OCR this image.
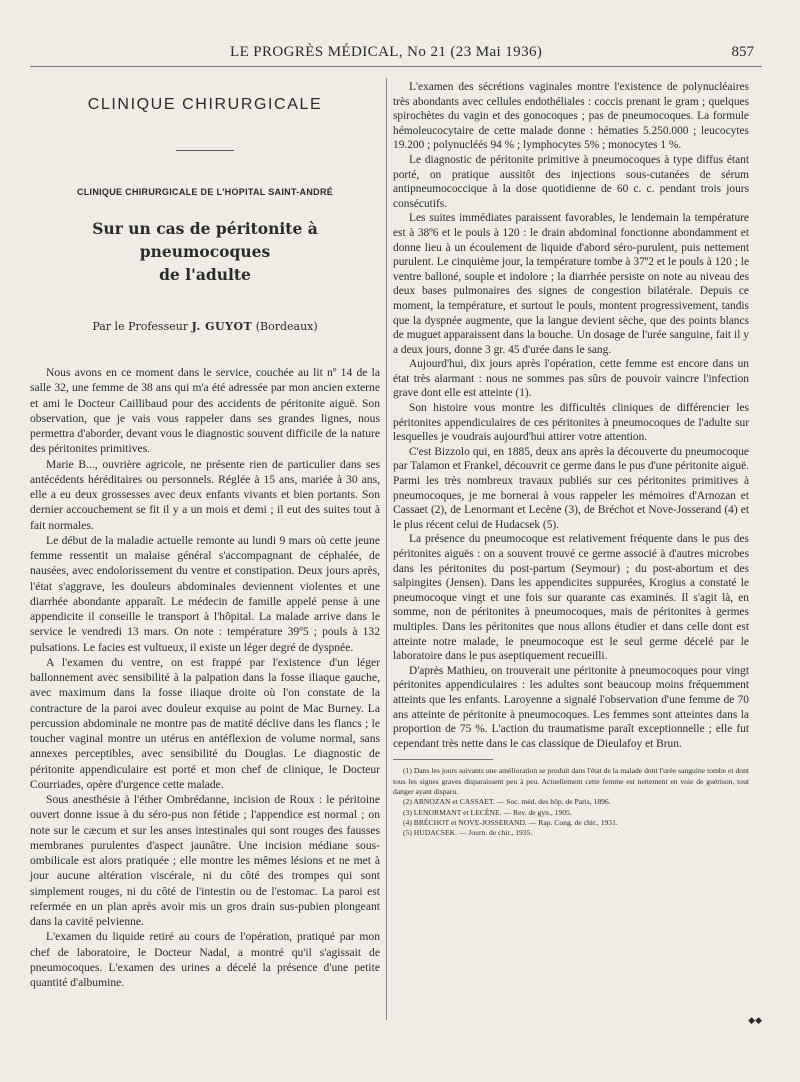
LE PROGRÈS MÉDICAL, No 21 (23 Mai 1936)	857
CLINIQUE CHIRURGICALE
CLINIQUE CHIRURGICALE DE L'HOPITAL SAINT-ANDRÉ
Sur un cas de péritonite à pneumocoques
de l'adulte
Par le Professeur J. GUYOT (Bordeaux)

Nous avons en ce moment dans le service, couchée au lit nº 14 de la salle 32, une femme de 38 ans qui m'a été adressée par mon ancien externe et ami le Docteur Caillibaud pour des accidents de péritonite aiguë. Son observation, que je vais vous rappeler dans ses grandes lignes, nous permettra d'aborder, devant vous le diagnostic souvent difficile de la nature des péritonites primitives.

Marie B..., ouvrière agricole, ne présente rien de particulier dans ses antécédents héréditaires ou personnels. Réglée à 15 ans, mariée à 30 ans, elle a eu deux grossesses avec deux enfants vivants et bien portants. Son dernier accouchement se fit il y a un mois et demi ; il eut des suites tout à fait normales.

Le début de la maladie actuelle remonte au lundi 9 mars où cette jeune femme ressentit un malaise général s'accompagnant de céphalée, de nausées, avec endolorissement du ventre et constipation. Deux jours après, l'état s'aggrave, les douleurs abdominales deviennent violentes et une diarrhée abondante apparaît. Le médecin de famille appelé pense à une appendicite il conseille le transport à l'hôpital. La malade arrive dans le service le vendredi 13 mars. On note : température 39º5 ; pouls à 132 pulsations. Le facies est vultueux, il existe un léger degré de dyspnée.

A l'examen du ventre, on est frappé par l'existence d'un léger ballonnement avec sensibilité à la palpation dans la fosse iliaque gauche, avec maximum dans la fosse iliaque droite où l'on constate de la contracture de la paroi avec douleur exquise au point de Mac Burney. La percussion abdominale ne montre pas de matité déclive dans les flancs ; le toucher vaginal montre un utérus en antéflexion de volume normal, sans annexes perceptibles, avec sensibilité du Douglas. Le diagnostic de péritonite appendiculaire est porté et mon chef de clinique, le Docteur Courriades, opère d'urgence cette malade.

Sous anesthésie à l'éther Ombrédanne, incision de Roux : le péritoine ouvert donne issue à du séro-pus non fétide ; l'appendice est normal ; on note sur le cæcum et sur les anses intestinales qui sont rouges des fausses membranes purulentes d'aspect jaunâtre. Une incision médiane sous-ombilicale est alors pratiquée ; elle montre les mêmes lésions et ne met à jour aucune altération viscérale, ni du côté des trompes qui sont simplement rouges, ni du côté de l'intestin ou de l'estomac. La paroi est refermée en un plan après avoir mis un gros drain sus-pubien plongeant dans la cavité pelvienne.

L'examen du liquide retiré au cours de l'opération, pratiqué par mon chef de laboratoire, le Docteur Nadal, a montré qu'il s'agissait de pneumocoques. L'examen des urines a décelé la présence d'une petite quantité d'albumine.

L'examen des sécrétions vaginales montre l'existence de polynucléaires très abondants avec cellules endothéliales : coccis prenant le gram ; quelques spirochètes du vagin et des gonocoques ; pas de pneumocoques. La formule hémoleucocytaire de cette malade donne : hématies 5.250.000 ; leucocytes 19.200 ; polynucléés 94 % ; lymphocytes 5% ; monocytes 1 %.

Le diagnostic de péritonite primitive à pneumocoques à type diffus étant porté, on pratique aussitôt des injections sous-cutanées de sérum antipneumococcique à la dose quotidienne de 60 c. c. pendant trois jours consécutifs.

Les suites immédiates paraissent favorables, le lendemain la température est à 38º6 et le pouls à 120 : le drain abdominal fonctionne abondamment et donne lieu à un écoulement de liquide d'abord séro-purulent, puis nettement purulent. Le cinquième jour, la température tombe à 37º2 et le pouls à 120 ; le ventre balloné, souple et indolore ; la diarrhée persiste on note au niveau des deux bases pulmonaires des signes de congestion bilatérale. Depuis ce moment, la température, et surtout le pouls, montent progressivement, tandis que la dyspnée augmente, que la langue devient sèche, que des points blancs de muguet apparaissent dans la bouche. Un dosage de l'urée sanguine, fait il y a deux jours, donne 3 gr. 45 d'urée dans le sang.

Aujourd'hui, dix jours après l'opération, cette femme est encore dans un état très alarmant : nous ne sommes pas sûrs de pouvoir vaincre l'infection grave dont elle est atteinte (1).

Son histoire vous montre les difficultés cliniques de différencier les péritonites appendiculaires de ces péritonites à pneumocoques de l'adulte sur lesquelles je voudrais aujourd'hui attirer votre attention.

C'est Bizzolo qui, en 1885, deux ans après la découverte du pneumocoque par Talamon et Frankel, découvrit ce germe dans le pus d'une péritonite aiguë. Parmi les très nombreux travaux publiés sur ces péritonites primitives à pneumocoques, je me bornerai à vous rappeler les mémoires d'Arnozan et Cassaet (2), de Lenormant et Lecène (3), de Bréchot et Nove-Josserand (4) et le plus récent celui de Hudacsek (5).

La présence du pneumocoque est relativement fréquente dans le pus des péritonites aiguës : on a souvent trouvé ce germe associé à d'autres microbes dans les péritonites du post-partum (Seymour) ; du post-abortum et des salpingites (Jensen). Dans les appendicites suppurées, Krogius a constaté le pneumocoque vingt et une fois sur quarante cas examinés. Il s'agit là, en somme, non de péritonites à pneumocoques, mais de péritonites à germes multiples. Dans les péritonites que nous allons étudier et dans celle dont est atteinte notre malade, le pneumocoque est le seul germe décelé par le laboratoire dans le pus aseptiquement recueilli.

D'après Mathieu, on trouverait une péritonite à pneumocoques pour vingt péritonites appendiculaires : les adultes sont beaucoup moins fréquemment atteints que les enfants. Laroyenne a signalé l'observation d'une femme de 70 ans atteinte de péritonite à pneumocoques. Les femmes sont atteintes dans la proportion de 75 %. L'action du traumatisme paraît exceptionnelle ; elle fut cependant très nette dans le cas classique de Dieulafoy et Brun.

(1) Dans les jours suivants une amélioration se produit dans l'état de la malade dont l'urée sanguine tombe et dont tous les signes graves disparaissent peu à peu. Actuellement cette femme est nettement en voie de guérison, tout danger ayant disparu.

(2) ARNOZAN et CASSAET. — Soc. méd. des hôp. de Paris, 1896.

(3) LENORMANT et LECÈNE. — Rev. de gyn., 1905.

(4) BRÉCHOT et NOVE-JOSSERAND. — Rap. Cong. de chir., 1931.

(5) HUDACSEK. — Journ. de chir., 1935.

◆◆
